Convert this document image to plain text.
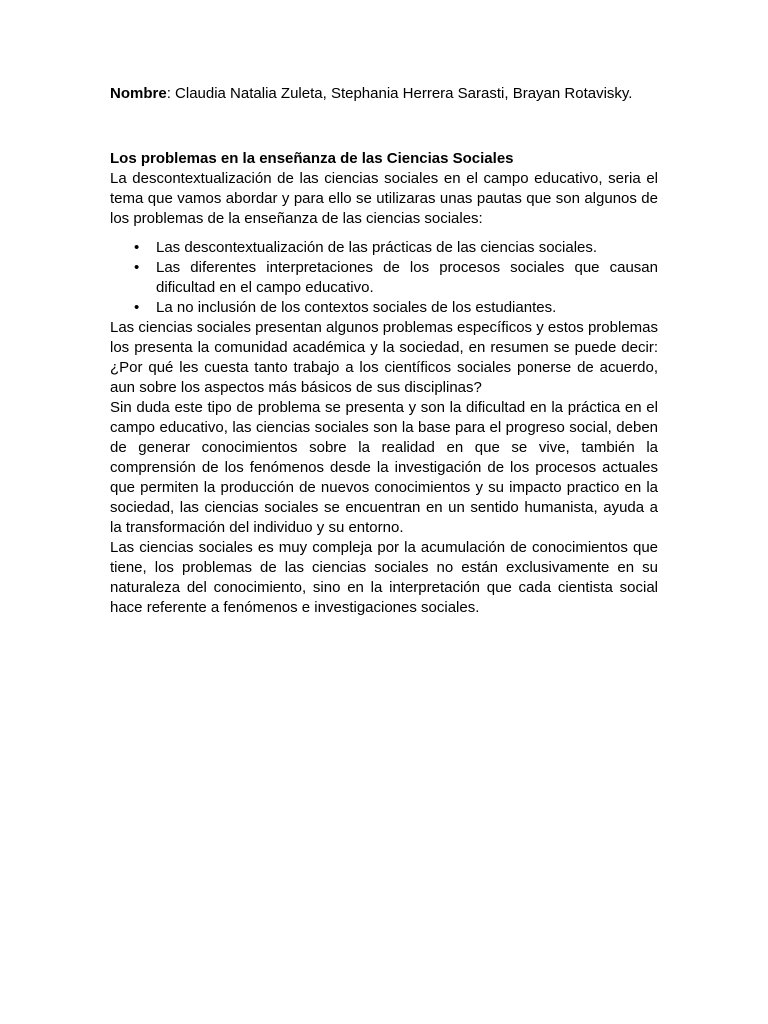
Nombre: Claudia Natalia Zuleta, Stephania Herrera Sarasti, Brayan Rotavisky.

Los problemas en la enseñanza de las Ciencias Sociales

La descontextualización de las ciencias sociales en el campo educativo, seria el tema que vamos abordar y para ello se utilizaras unas pautas que son algunos de los problemas de la enseñanza de las ciencias sociales:

• Las descontextualización de las prácticas de las ciencias sociales.
• Las diferentes interpretaciones de los procesos sociales que causan dificultad en el campo educativo.
• La no inclusión de los contextos sociales de los estudiantes.

Las ciencias sociales presentan algunos problemas específicos y estos problemas los presenta la comunidad académica y la sociedad, en resumen se puede decir: ¿Por qué les cuesta tanto trabajo a los científicos sociales ponerse de acuerdo, aun sobre los aspectos más básicos de sus disciplinas?

Sin duda este tipo de problema se presenta y son la dificultad en la práctica en el campo educativo, las ciencias sociales son la base para el progreso social, deben de generar conocimientos sobre la realidad en que se vive, también la comprensión de los fenómenos desde la investigación de los procesos actuales que permiten la producción de nuevos conocimientos y su impacto practico en la sociedad, las ciencias sociales se encuentran en un sentido humanista, ayuda a la transformación del individuo y su entorno.

Las ciencias sociales es muy compleja por la acumulación de conocimientos que tiene, los problemas de las ciencias sociales no están exclusivamente en su naturaleza del conocimiento, sino en la interpretación que cada cientista social hace referente a fenómenos e investigaciones sociales.
